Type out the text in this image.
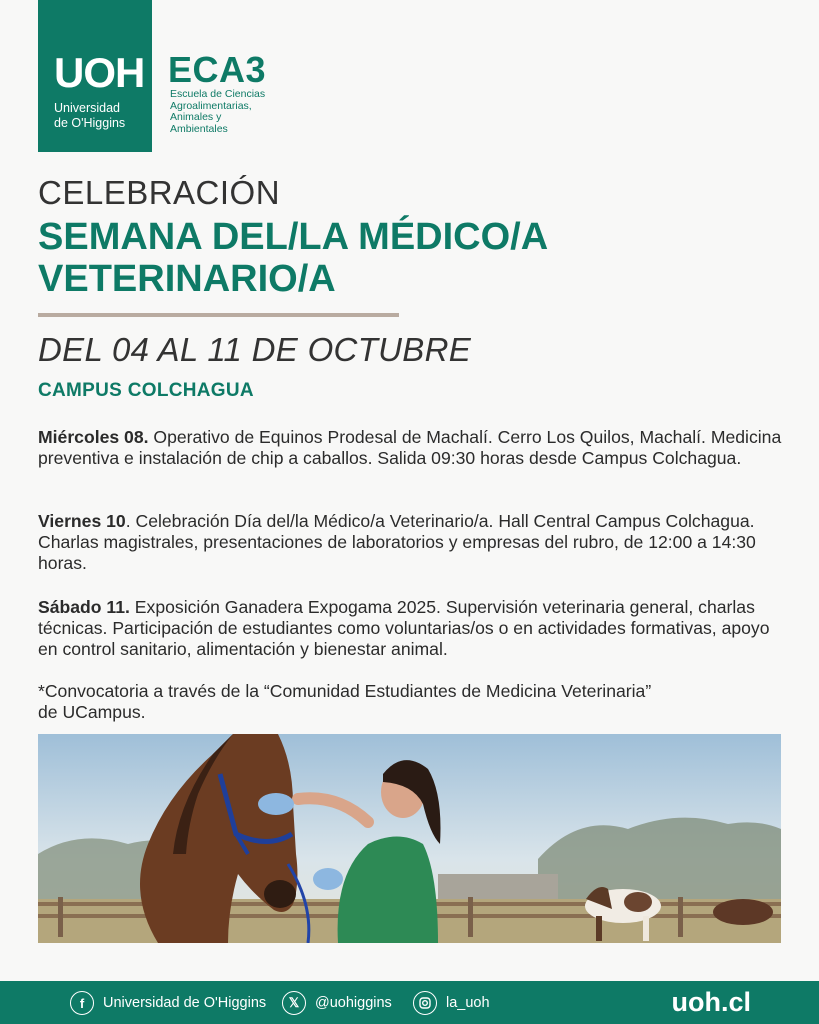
UOH
Universidad
de O'Higgins
ECA3
Escuela de Ciencias
Agroalimentarias,
Animales y
Ambientales
CELEBRACIÓN
SEMANA DEL/LA MÉDICO/A
VETERINARIO/A
DEL 04 AL 11 DE OCTUBRE
CAMPUS COLCHAGUA
Miércoles 08. Operativo de Equinos Prodesal de Machalí. Cerro Los Quilos, Machalí. Medicina preventiva e instalación de chip a caballos. Salida 09:30 horas desde Campus Colchagua.
Viernes 10. Celebración Día del/la Médico/a Veterinario/a. Hall Central Campus Colchagua. Charlas magistrales, presentaciones de laboratorios y empresas del rubro, de 12:00 a 14:30 horas.
Sábado 11. Exposición Ganadera Expogama 2025. Supervisión veterinaria general, charlas técnicas. Participación de estudiantes como voluntarias/os o en actividades formativas, apoyo en control sanitario, alimentación y bienestar animal.
*Convocatoria a través de la “Comunidad Estudiantes de Medicina Veterinaria”
de UCampus.
f	Universidad de O'Higgins	𝕏	@uohiggins	la_uoh	uoh.cl
